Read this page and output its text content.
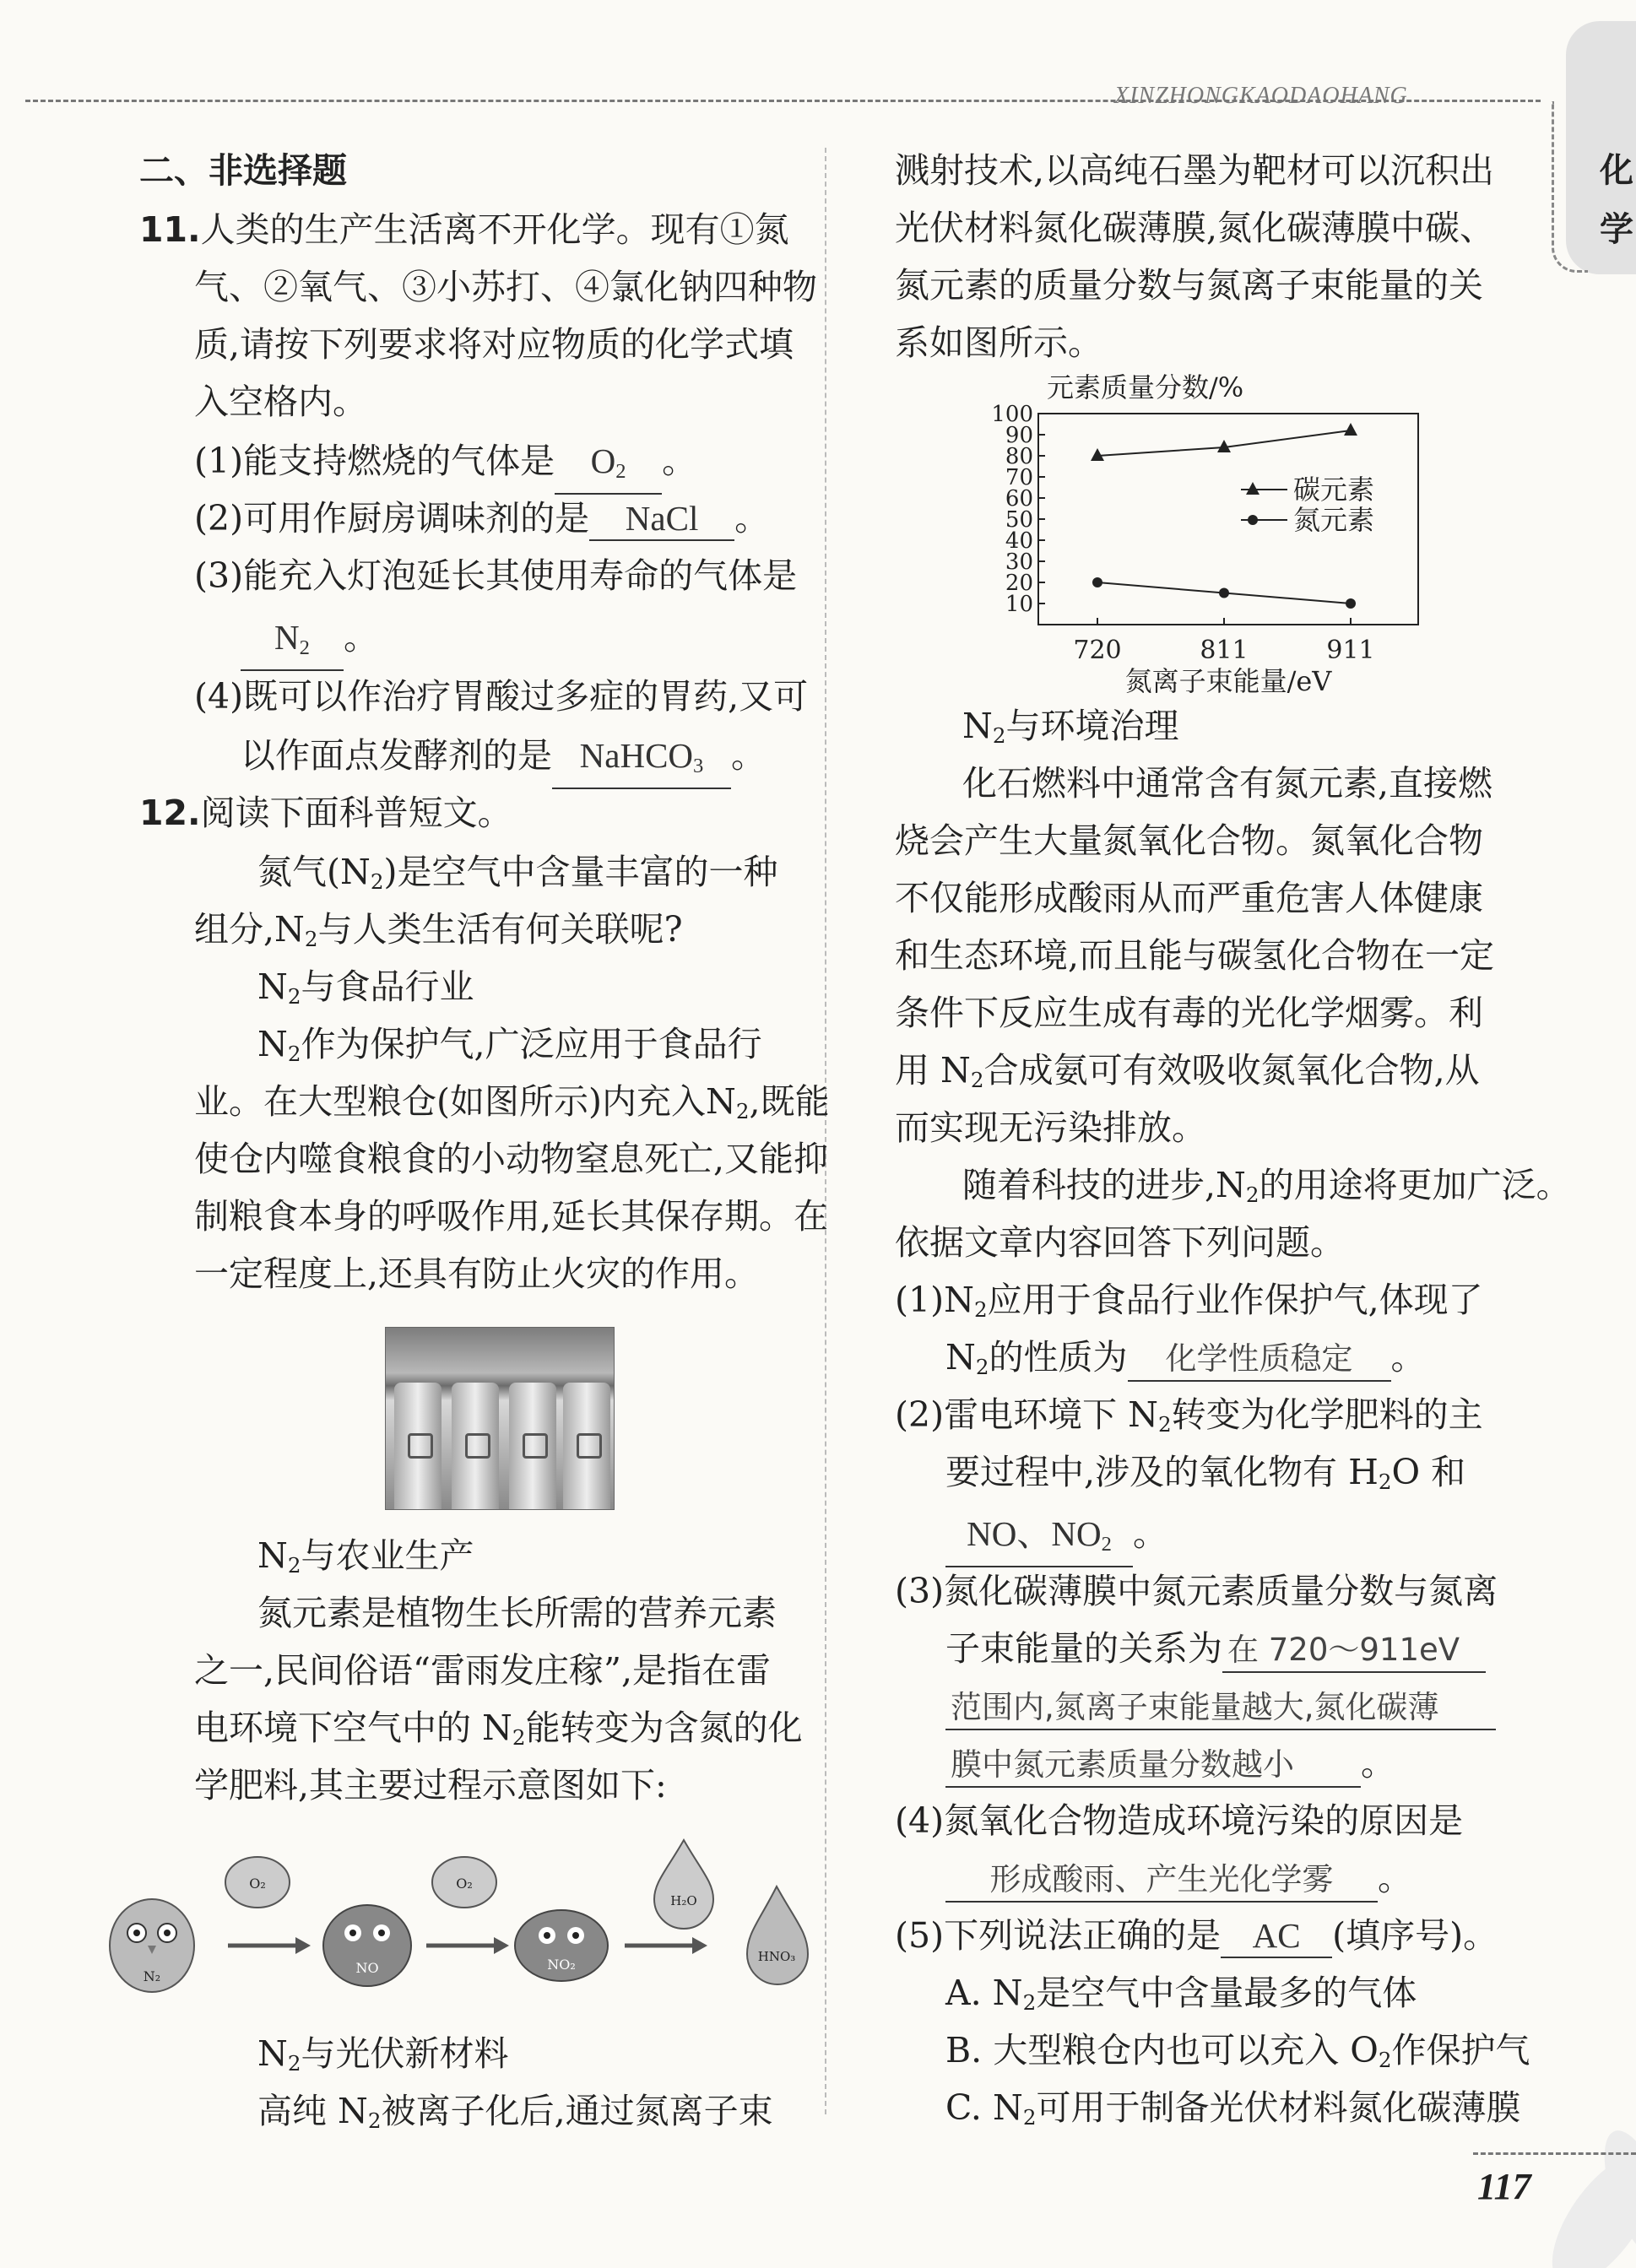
XINZHONGKAODAOHANG
化
学
二、非选择题
11.人类的生产生活离不开化学。现有①氮
气、②氧气、③小苏打、④氯化钠四种物
质,请按下列要求将对应物质的化学式填
入空格内。
(1)能支持燃烧的气体是 $O_2$ 。
(2)可用作厨房调味剂的是 NaCl 。
(3)能充入灯泡延长其使用寿命的气体是
$N_2$ 。
(4)既可以作治疗胃酸过多症的胃药,又可
以作面点发酵剂的是 NaHCO$_3$ 。
12.阅读下面科普短文。
氮气$(N_2)$是空气中含量丰富的一种
组分$,N_2$与人类生活有何关联呢?
$N_2$与食品行业
$N_2$作为保护气,广泛应用于食品行
业。在大型粮仓(如图所示)内充入$N_2$,既能
使仓内噬食粮食的小动物窒息死亡,又能抑
制粮食本身的呼吸作用,延长其保存期。在
一定程度上,还具有防止火灾的作用。
$N_2$与农业生产
氮元素是植物生长所需的营养元素
之一,民间俗语“雷雨发庄稼”,是指在雷
电环境下空气中的 $N_2$能转变为含氮的化
学肥料,其主要过程示意图如下:
N₂
O₂
NO
O₂
NO₂
H₂O
HNO₃
$N_2$与光伏新材料
高纯 $N_2$被离子化后,通过氮离子束
溅射技术,以高纯石墨为靶材可以沉积出
光伏材料氮化碳薄膜,氮化碳薄膜中碳、
氮元素的质量分数与氮离子束能量的关
系如图所示。
元素质量分数/%
10
20
30
40
50
60
70
80
90
100
720	811	911
碳元素
氮元素
氮离子束能量/eV
$N_2$与环境治理
化石燃料中通常含有氮元素,直接燃
烧会产生大量氮氧化合物。氮氧化合物
不仅能形成酸雨从而严重危害人体健康
和生态环境,而且能与碳氢化合物在一定
条件下反应生成有毒的光化学烟雾。利
用 $N_2$合成氨可有效吸收氮氧化合物,从
而实现无污染排放。
随着科技的进步$,N_2$的用途将更加广泛。
依据文章内容回答下列问题。
$(1)N_2$应用于食品行业作保护气,体现了
$N_2$的性质为 化学性质稳定 。
(2)雷电环境下 $N_2$转变为化学肥料的主
要过程中,涉及的氧化物有 $H_2O$ 和
NO、$NO_2$ 。
(3)氮化碳薄膜中氮元素质量分数与氮离
子束能量的关系为 在 720～911eV
范围内,氮离子束能量越大,氮化碳薄
膜中氮元素质量分数越小 。
(4)氮氧化合物造成环境污染的原因是
形成酸雨、产生光化学雾 。
(5)下列说法正确的是 AC (填序号)。
A. $N_2$是空气中含量最多的气体
B. 大型粮仓内也可以充入 $O_2$作保护气
C. $N_2$可用于制备光伏材料氮化碳薄膜
117
